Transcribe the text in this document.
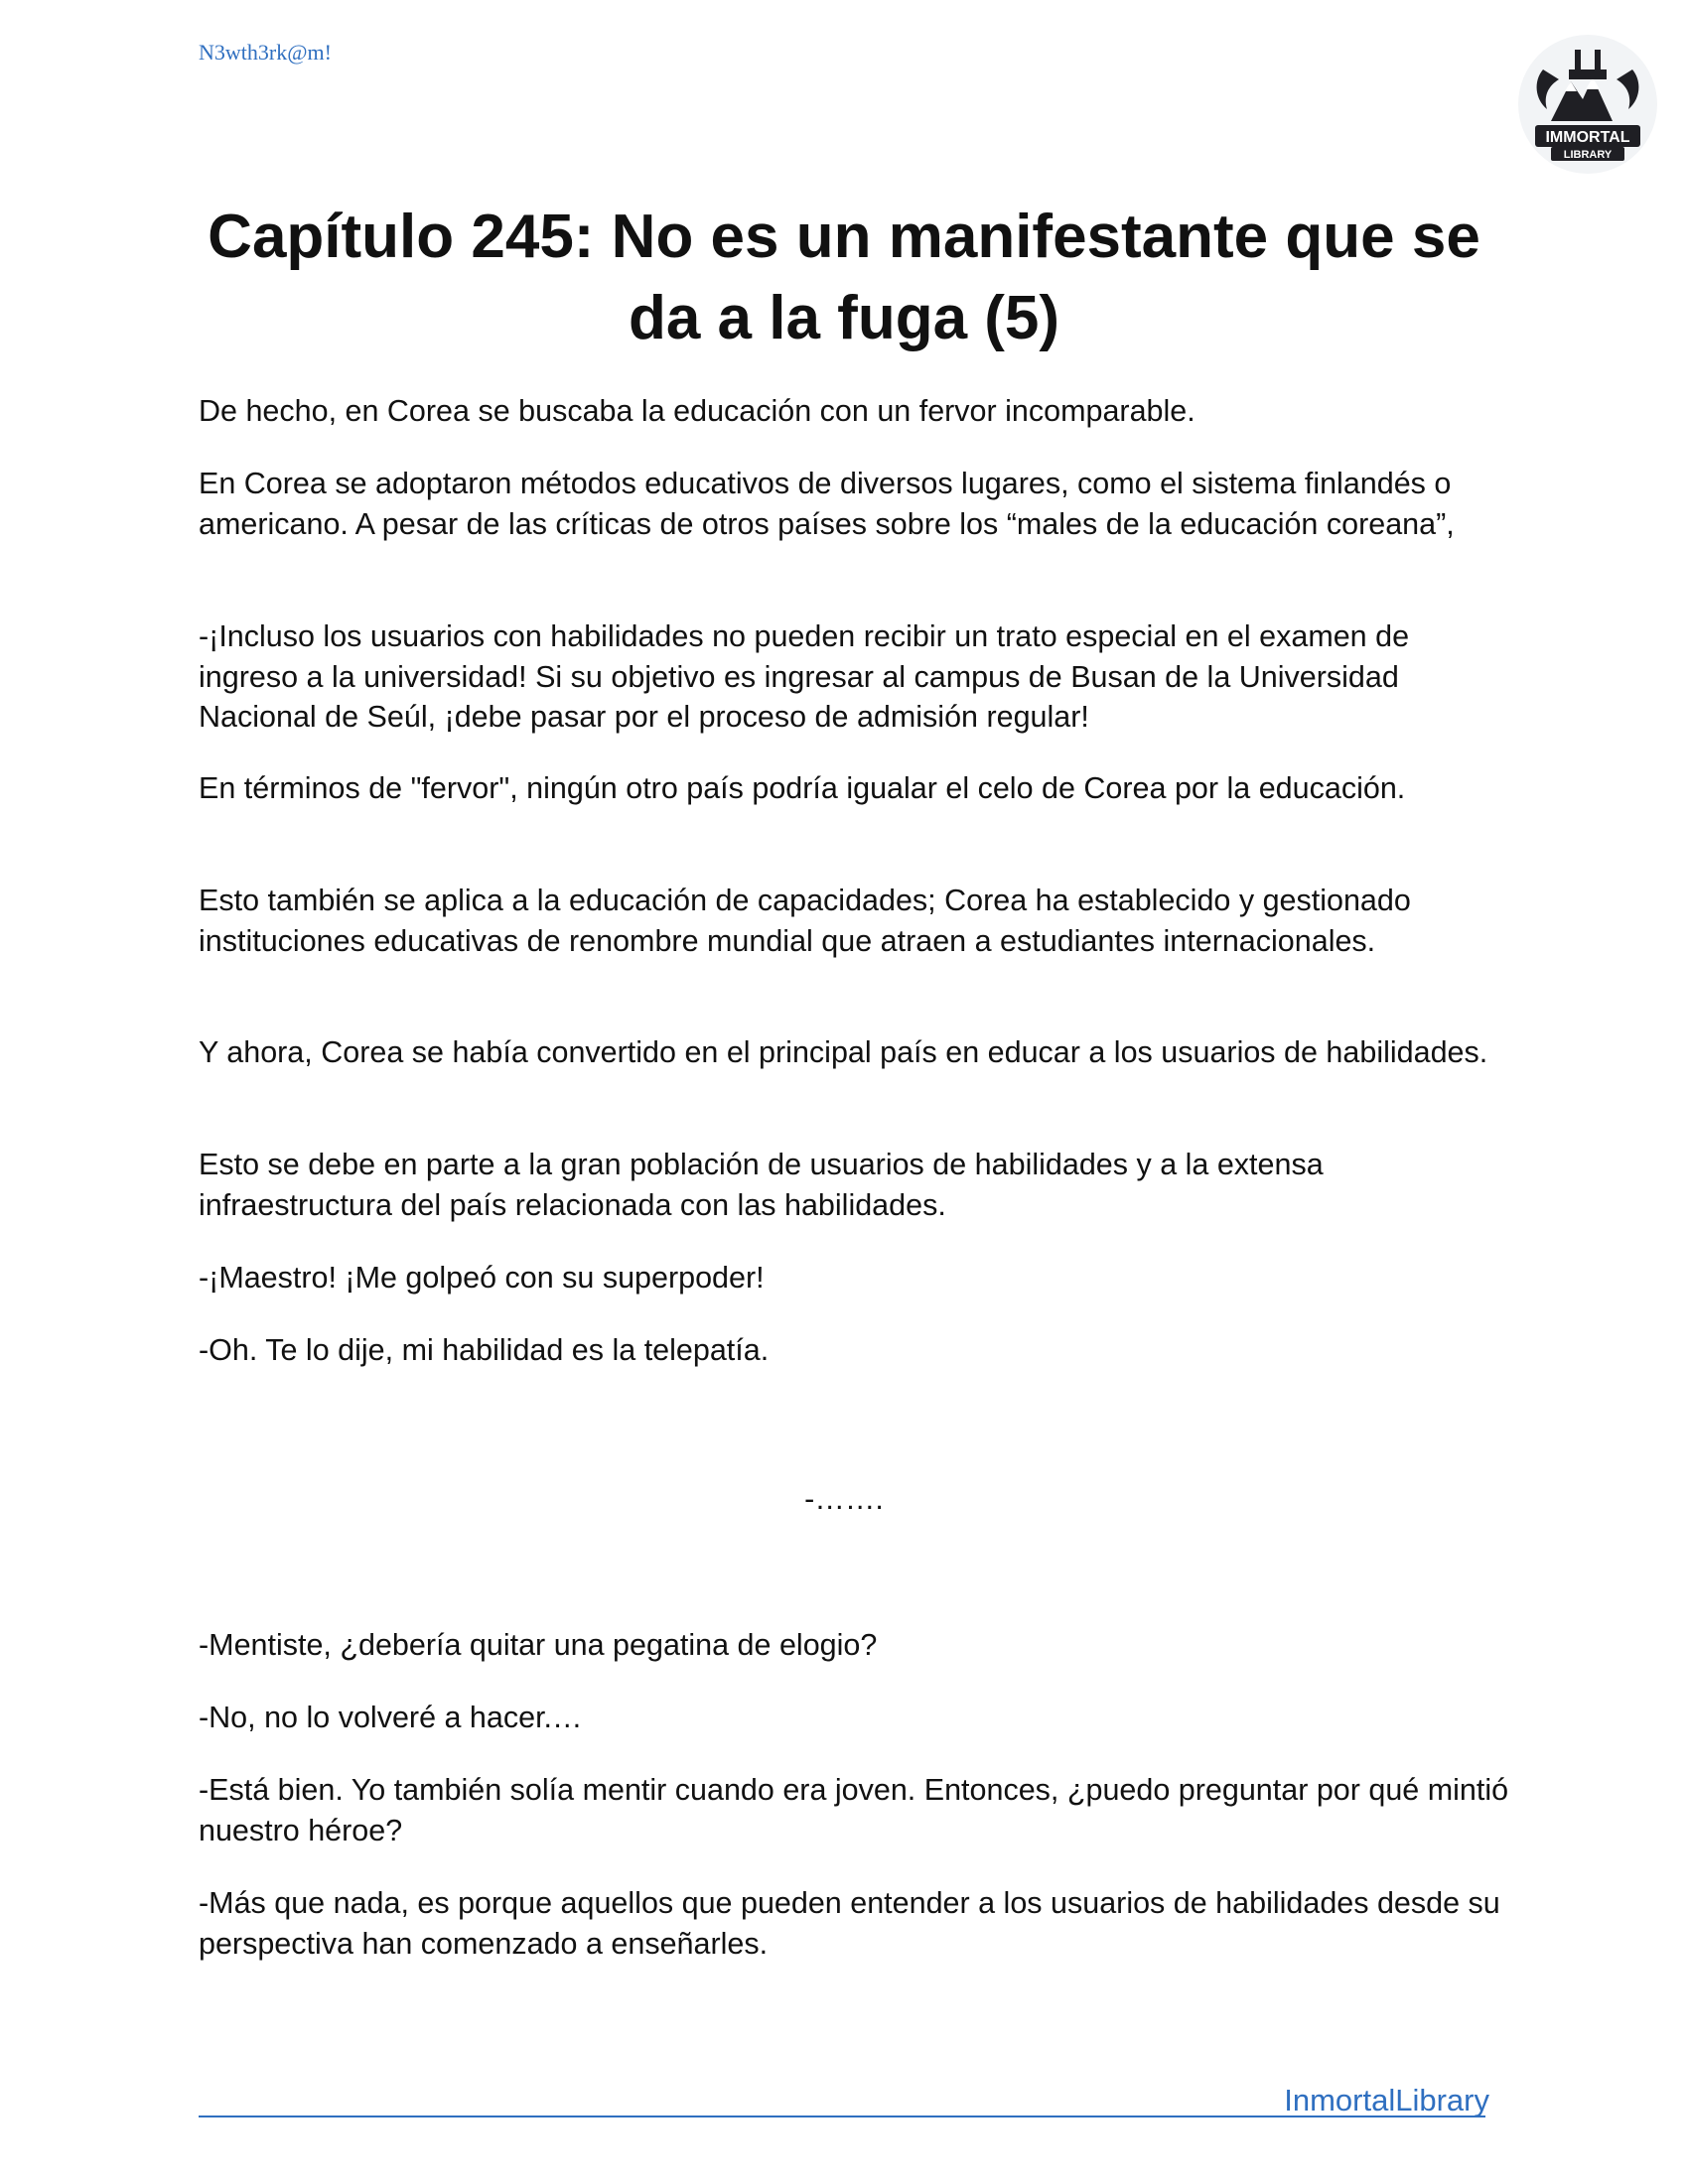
N3wth3rk@m!
IMMORTAL
LIBRARY
Capítulo 245: No es un manifestante que se da a la fuga (5)

De hecho, en Corea se buscaba la educación con un fervor incomparable.

En Corea se adoptaron métodos educativos de diversos lugares, como el sistema finlandés o americano. A pesar de las críticas de otros países sobre los “males de la educación coreana”,

-¡Incluso los usuarios con habilidades no pueden recibir un trato especial en el examen de ingreso a la universidad! Si su objetivo es ingresar al campus de Busan de la Universidad Nacional de Seúl, ¡debe pasar por el proceso de admisión regular!

En términos de "fervor", ningún otro país podría igualar el celo de Corea por la educación.

Esto también se aplica a la educación de capacidades; Corea ha establecido y gestionado instituciones educativas de renombre mundial que atraen a estudiantes internacionales.

Y ahora, Corea se había convertido en el principal país en educar a los usuarios de habilidades.

Esto se debe en parte a la gran población de usuarios de habilidades y a la extensa infraestructura del país relacionada con las habilidades.

-¡Maestro! ¡Me golpeó con su superpoder!

-Oh. Te lo dije, mi habilidad es la telepatía.

-…….

-Mentiste, ¿debería quitar una pegatina de elogio?

-No, no lo volveré a hacer.…

-Está bien. Yo también solía mentir cuando era joven. Entonces, ¿puedo preguntar por qué mintió nuestro héroe?

-Más que nada, es porque aquellos que pueden entender a los usuarios de habilidades desde su perspectiva han comenzado a enseñarles.

InmortalLibrary
